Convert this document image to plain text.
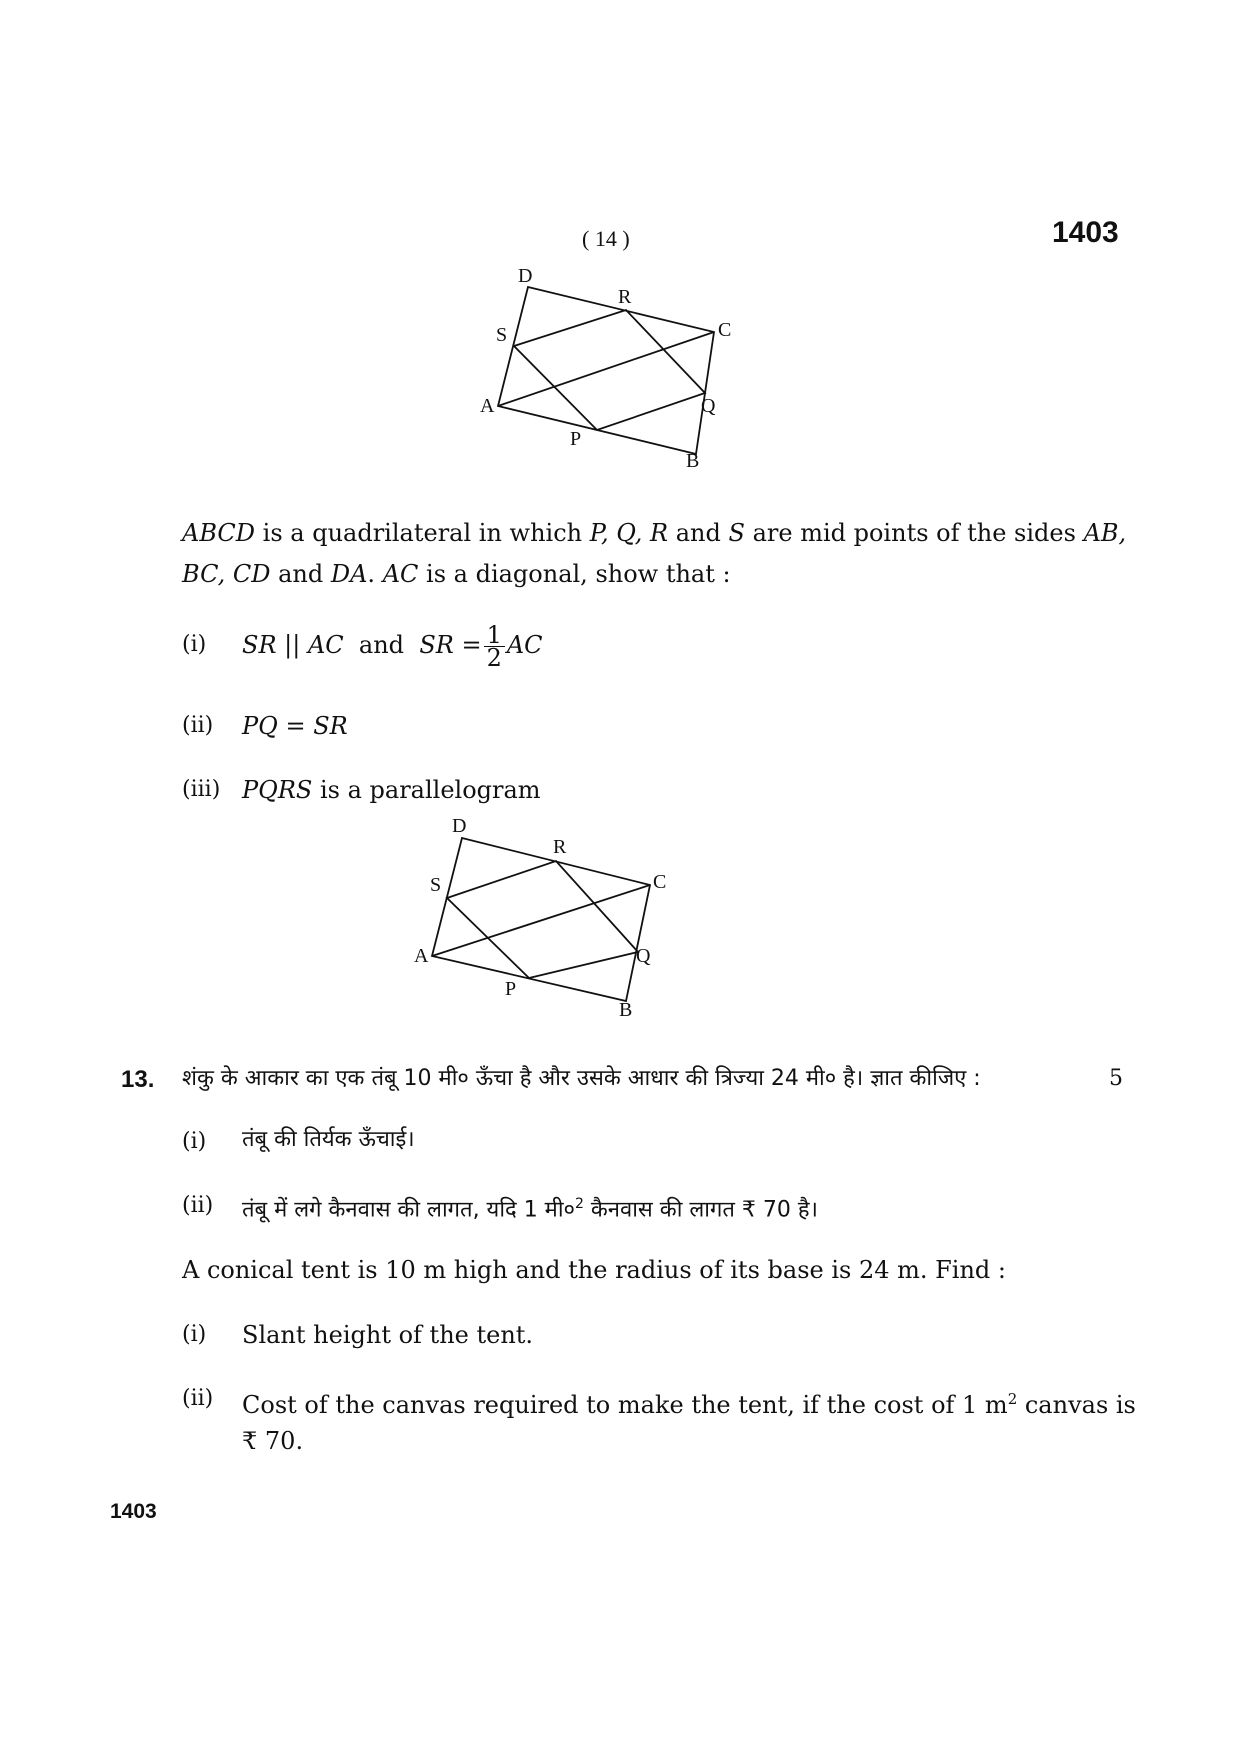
( 14 )	1403
D
R
S	C
A	Q
P
B
ABCD is a quadrilateral in which P, Q, R and S are mid points of the sides AB,
BC, CD and DA. AC is a diagonal, show that :
(i) SR || AC and SR = $\frac{1}{2}$ AC
(ii) PQ = SR
(iii) PQRS is a parallelogram
D
R
S	C
A	Q
P
B
13. शंकु के आकार का एक तंबू 10 मी० ऊँचा है और उसके आधार की त्रिज्या 24 मी० है। ज्ञात कीजिए :	5
(i) तंबू की तिर्यक ऊँचाई।
(ii) तंबू में लगे कैनवास की लागत, यदि 1 $मी०^2$ कैनवास की लागत ₹ 70 है।
A conical tent is 10 m high and the radius of its base is 24 m. Find :
(i) Slant height of the tent.
(ii) Cost of the canvas required to make the tent, if the cost of 1 $m^2$ canvas is
₹ 70.
1403
